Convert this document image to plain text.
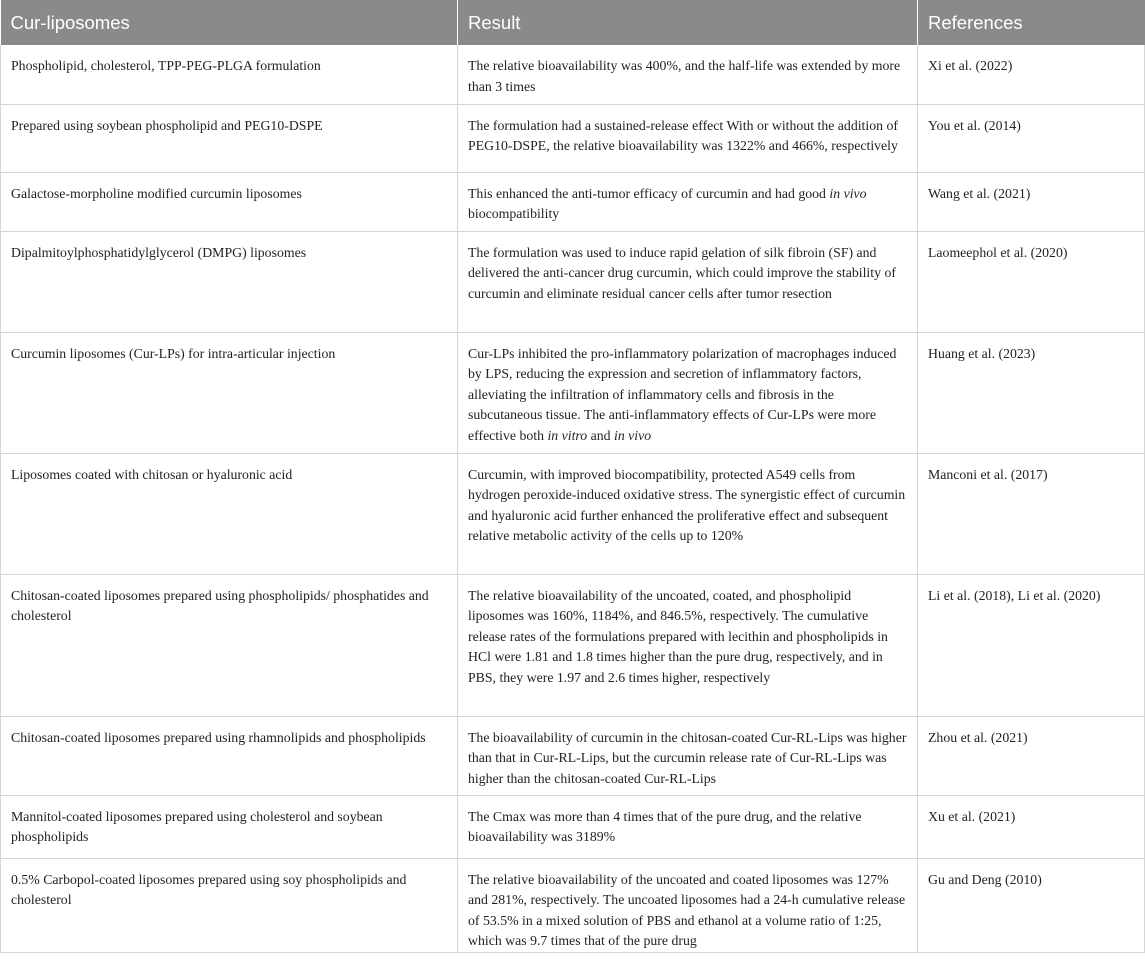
Cur-liposomes	Result	References
Phospholipid, cholesterol, TPP-PEG-PLGA formulation	The relative bioavailability was 400%, and the half-life was extended by more than 3 times	Xi et al. (2022)
Prepared using soybean phospholipid and PEG10-DSPE	The formulation had a sustained-release effect With or without the addition of PEG10-DSPE, the relative bioavailability was 1322% and 466%, respectively	You et al. (2014)
Galactose-morpholine modified curcumin liposomes	This enhanced the anti-tumor efficacy of curcumin and had good in vivo biocompatibility	Wang et al. (2021)
Dipalmitoylphosphatidylglycerol (DMPG) liposomes	The formulation was used to induce rapid gelation of silk fibroin (SF) and delivered the anti-cancer drug curcumin, which could improve the stability of curcumin and eliminate residual cancer cells after tumor resection	Laomeephol et al. (2020)
Curcumin liposomes (Cur-LPs) for intra-articular injection	Cur-LPs inhibited the pro-inflammatory polarization of macrophages induced by LPS, reducing the expression and secretion of inflammatory factors, alleviating the infiltration of inflammatory cells and fibrosis in the subcutaneous tissue. The anti-inflammatory effects of Cur-LPs were more effective both in vitro and in vivo	Huang et al. (2023)
Liposomes coated with chitosan or hyaluronic acid	Curcumin, with improved biocompatibility, protected A549 cells from hydrogen peroxide-induced oxidative stress. The synergistic effect of curcumin and hyaluronic acid further enhanced the proliferative effect and subsequent relative metabolic activity of the cells up to 120%	Manconi et al. (2017)
Chitosan-coated liposomes prepared using phospholipids/ phosphatides and cholesterol	The relative bioavailability of the uncoated, coated, and phospholipid liposomes was 160%, 1184%, and 846.5%, respectively. The cumulative release rates of the formulations prepared with lecithin and phospholipids in HCl were 1.81 and 1.8 times higher than the pure drug, respectively, and in PBS, they were 1.97 and 2.6 times higher, respectively	Li et al. (2018), Li et al. (2020)
Chitosan-coated liposomes prepared using rhamnolipids and phospholipids	The bioavailability of curcumin in the chitosan-coated Cur-RL-Lips was higher than that in Cur-RL-Lips, but the curcumin release rate of Cur-RL-Lips was higher than the chitosan-coated Cur-RL-Lips	Zhou et al. (2021)
Mannitol-coated liposomes prepared using cholesterol and soybean phospholipids	The Cmax was more than 4 times that of the pure drug, and the relative bioavailability was 3189%	Xu et al. (2021)
0.5% Carbopol-coated liposomes prepared using soy phospholipids and cholesterol	The relative bioavailability of the uncoated and coated liposomes was 127% and 281%, respectively. The uncoated liposomes had a 24-h cumulative release of 53.5% in a mixed solution of PBS and ethanol at a volume ratio of 1:25, which was 9.7 times that of the pure drug	Gu and Deng (2010)
